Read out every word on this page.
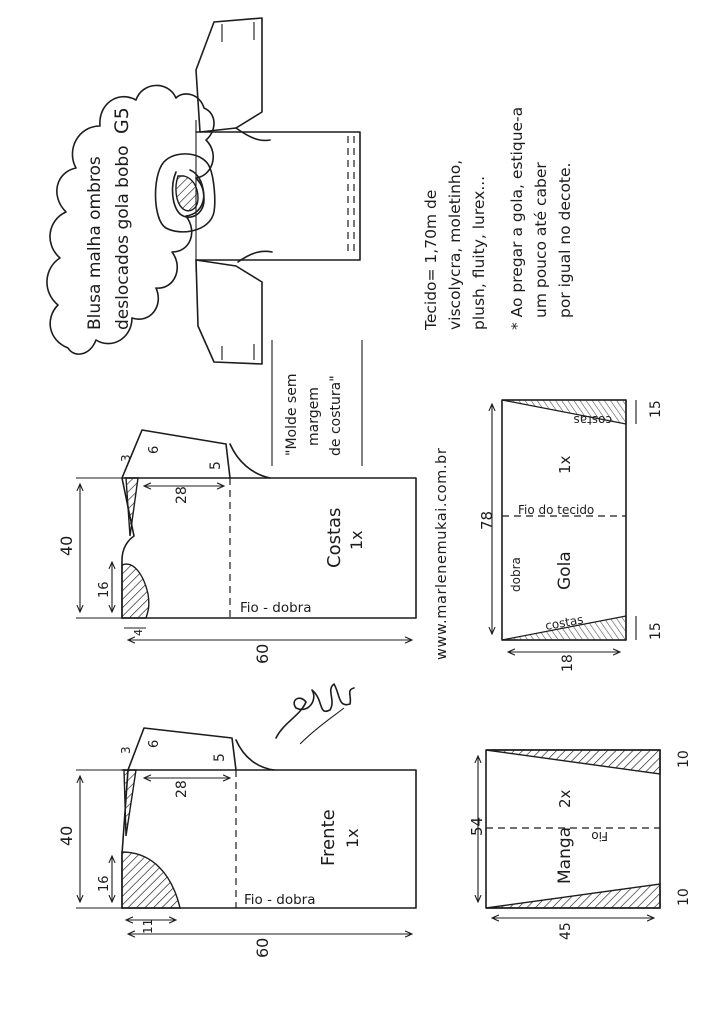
Blusa malha ombros deslocados gola bobo
G5
Tecido= 1,70m de viscolycra, moletinho, plush, fluity, lurex... * Ao pregar a gola, estique-a um pouco até caber por igual no decote.
"Molde sem margem de costura"
www.marlenemukai.com.br
Costas 1x
Fio - dobra
40
16
3
6
28
5
60
4
Frente 1x
Fio - dobra
40
16
3
6
28
5
60
11
Gola
1x
Fio do tecido
dobra
costas
costas
78
18
15
15
Manga
2x
Fio
54
45
10
10
